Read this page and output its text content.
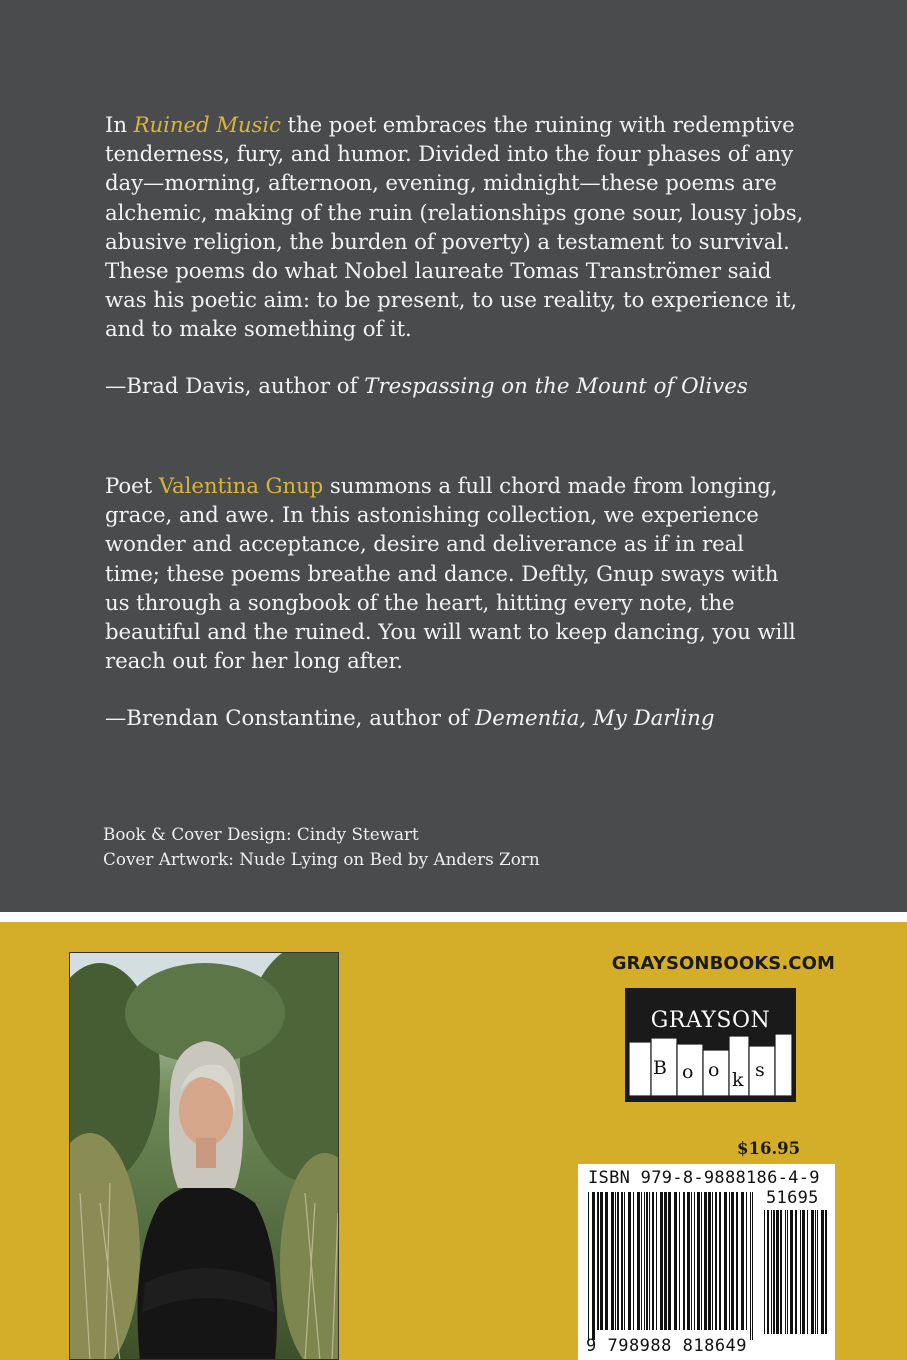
In Ruined Music the poet embraces the ruining with redemptive tenderness, fury, and humor. Divided into the four phases of any day—morning, afternoon, evening, midnight—these poems are alchemic, making of the ruin (relationships gone sour, lousy jobs, abusive religion, the burden of poverty) a testament to survival. These poems do what Nobel laureate Tomas Tranströmer said was his poetic aim: to be present, to use reality, to experience it, and to make something of it.

—Brad Davis, author of Trespassing on the Mount of Olives

Poet Valentina Gnup summons a full chord made from longing, grace, and awe. In this astonishing collection, we experience wonder and acceptance, desire and deliverance as if in real time; these poems breathe and dance. Deftly, Gnup sways with us through a songbook of the heart, hitting every note, the beautiful and the ruined. You will want to keep dancing, you will reach out for her long after.

—Brendan Constantine, author of Dementia, My Darling
Book & Cover Design: Cindy Stewart
Cover Artwork: Nude Lying on Bed by Anders Zorn
GRAYSONBOOKS.COM
GRAYSON
B o o k s
$16.95
ISBN 979-8-9888186-4-9
51695
9 798988 818649
